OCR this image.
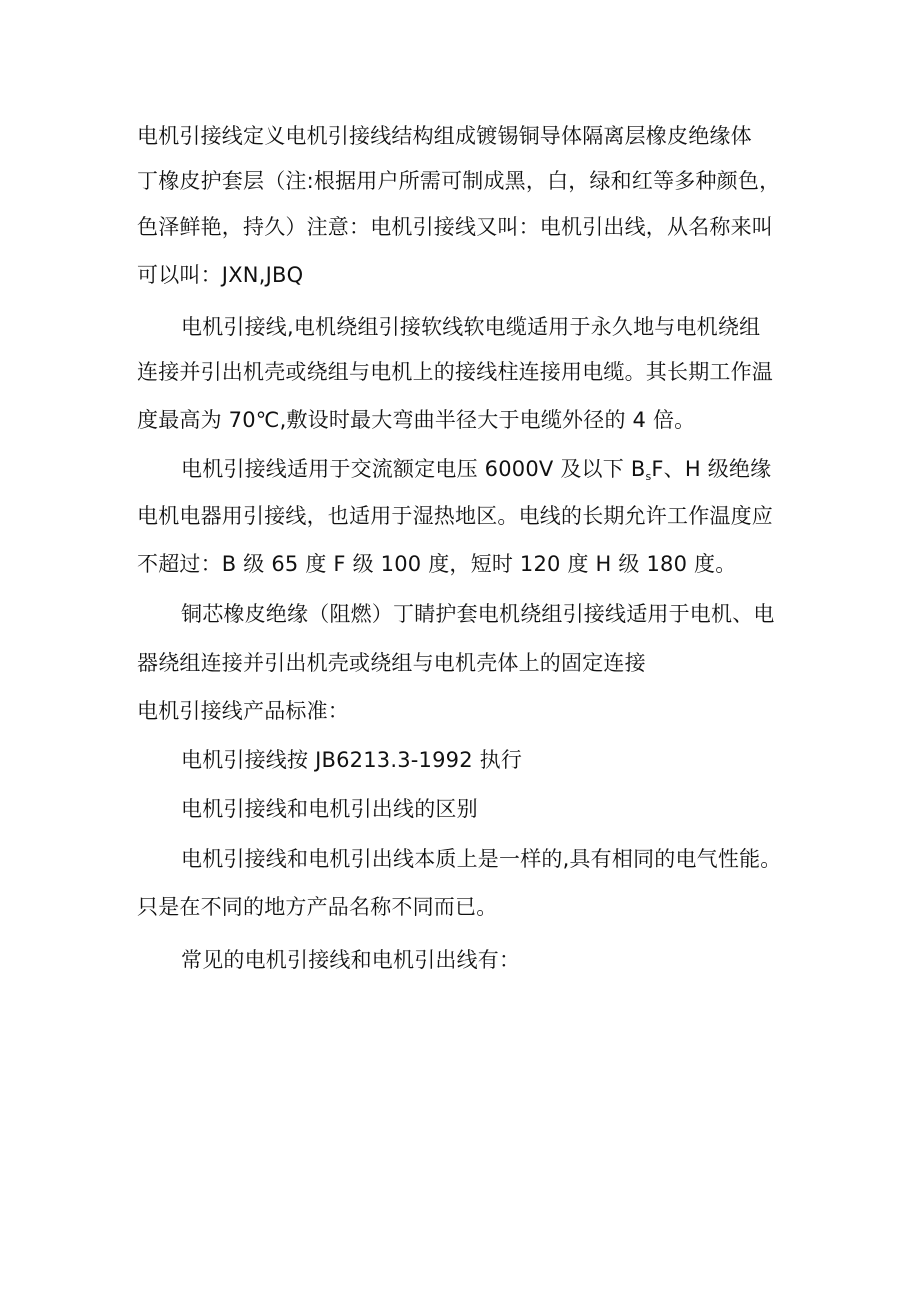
电机引接线定义电机引接线结构组成镀锡铜导体隔离层橡皮绝缘体
丁橡皮护套层（注:根据用户所需可制成黑，白，绿和红等多种颜色，
色泽鲜艳，持久）注意：电机引接线又叫：电机引出线，从名称来叫
可以叫：JXN,JBQ
电机引接线,电机绕组引接软线软电缆适用于永久地与电机绕组
连接并引出机壳或绕组与电机上的接线柱连接用电缆。其长期工作温
度最高为 70℃,敷设时最大弯曲半径大于电缆外径的 4 倍。
电机引接线适用于交流额定电压 6000V 及以下 $B_sF$、H 级绝缘
电机电器用引接线，也适用于湿热地区。电线的长期允许工作温度应
不超过：B 级 65 度 F 级 100 度，短时 120 度 H 级 180 度。
铜芯橡皮绝缘（阻燃）丁睛护套电机绕组引接线适用于电机、电
器绕组连接并引出机壳或绕组与电机壳体上的固定连接
电机引接线产品标准：
电机引接线按 JB6213.3-1992 执行
电机引接线和电机引出线的区别
电机引接线和电机引出线本质上是一样的,具有相同的电气性能。
只是在不同的地方产品名称不同而已。
常见的电机引接线和电机引出线有：
